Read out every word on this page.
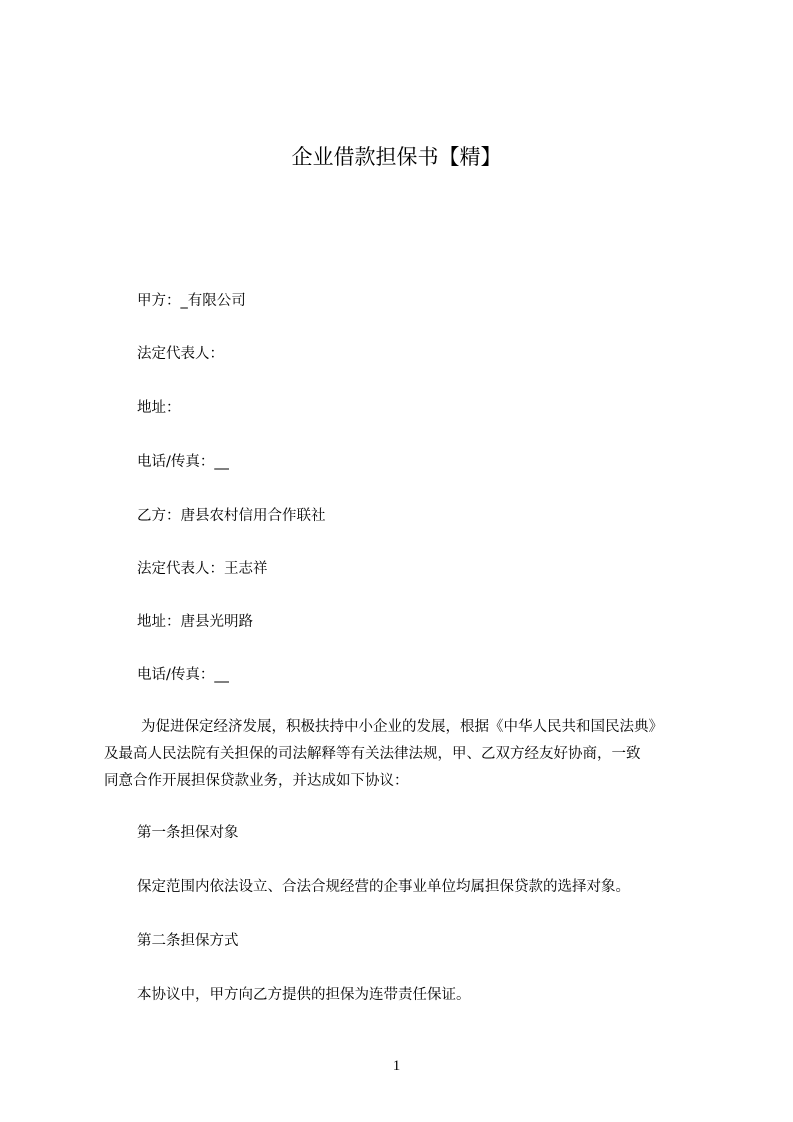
企业借款担保书【精】
甲方：_有限公司
法定代表人：
地址：
电话/传真：__
乙方：唐县农村信用合作联社
法定代表人：王志祥
地址：唐县光明路
电话/传真：__
为促进保定经济发展，积极扶持中小企业的发展，根据《中华人民共和国民法典》
及最高人民法院有关担保的司法解释等有关法律法规，甲、乙双方经友好协商，一致
同意合作开展担保贷款业务，并达成如下协议：
第一条担保对象
保定范围内依法设立、合法合规经营的企事业单位均属担保贷款的选择对象。
第二条担保方式
本协议中，甲方向乙方提供的担保为连带责任保证。
1
